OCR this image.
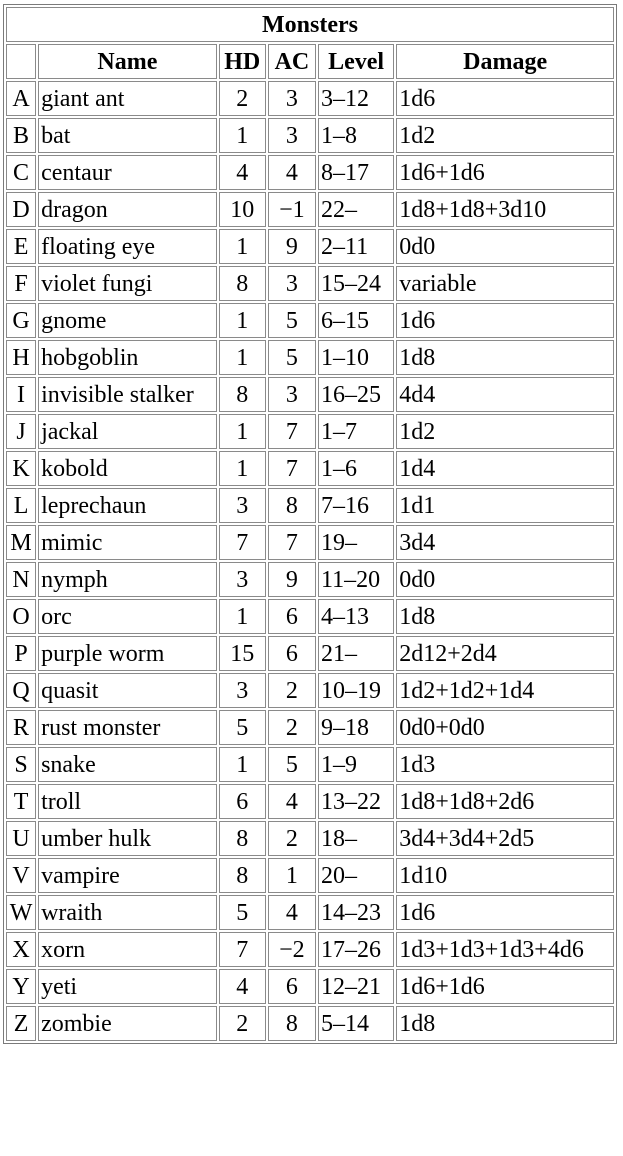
Monsters					
	Name	HD	AC	Level	Damage
A	giant ant	2	3	3–12	1d6
B	bat	1	3	1–8	1d2
C	centaur	4	4	8–17	1d6+1d6
D	dragon	10	−1	22–	1d8+1d8+3d10
E	floating eye	1	9	2–11	0d0
F	violet fungi	8	3	15–24	variable
G	gnome	1	5	6–15	1d6
H	hobgoblin	1	5	1–10	1d8
I	invisible stalker	8	3	16–25	4d4
J	jackal	1	7	1–7	1d2
K	kobold	1	7	1–6	1d4
L	leprechaun	3	8	7–16	1d1
M	mimic	7	7	19–	3d4
N	nymph	3	9	11–20	0d0
O	orc	1	6	4–13	1d8
P	purple worm	15	6	21–	2d12+2d4
Q	quasit	3	2	10–19	1d2+1d2+1d4
R	rust monster	5	2	9–18	0d0+0d0
S	snake	1	5	1–9	1d3
T	troll	6	4	13–22	1d8+1d8+2d6
U	umber hulk	8	2	18–	3d4+3d4+2d5
V	vampire	8	1	20–	1d10
W	wraith	5	4	14–23	1d6
X	xorn	7	−2	17–26	1d3+1d3+1d3+4d6
Y	yeti	4	6	12–21	1d6+1d6
Z	zombie	2	8	5–14	1d8
